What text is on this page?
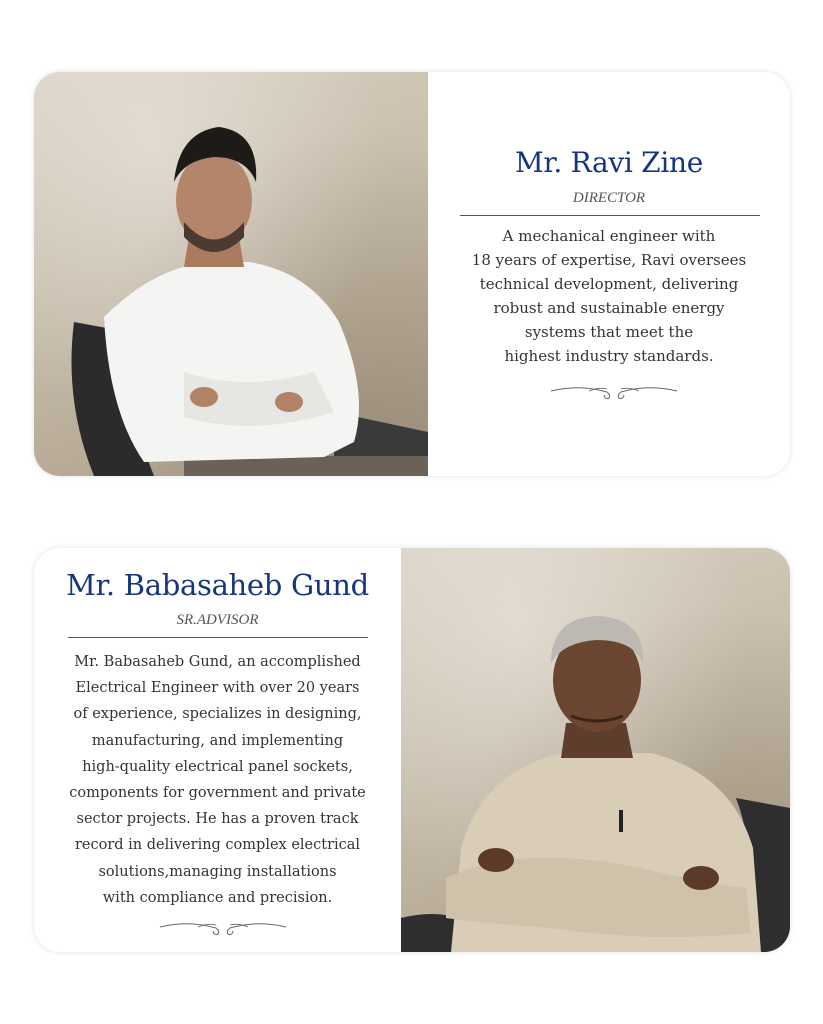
Mr. Ravi Zine

DIRECTOR

A mechanical engineer with
18 years of expertise, Ravi oversees
technical development, delivering
robust and sustainable energy
systems that meet the
highest industry standards.
Mr. Babasaheb Gund

SR.ADVISOR

Mr. Babasaheb Gund, an accomplished
Electrical Engineer with over 20 years
of experience, specializes in designing,
manufacturing, and implementing
high-quality electrical panel sockets,
components for government and private
sector projects. He has a proven track
record in delivering complex electrical
solutions,managing installations
with compliance and precision.
